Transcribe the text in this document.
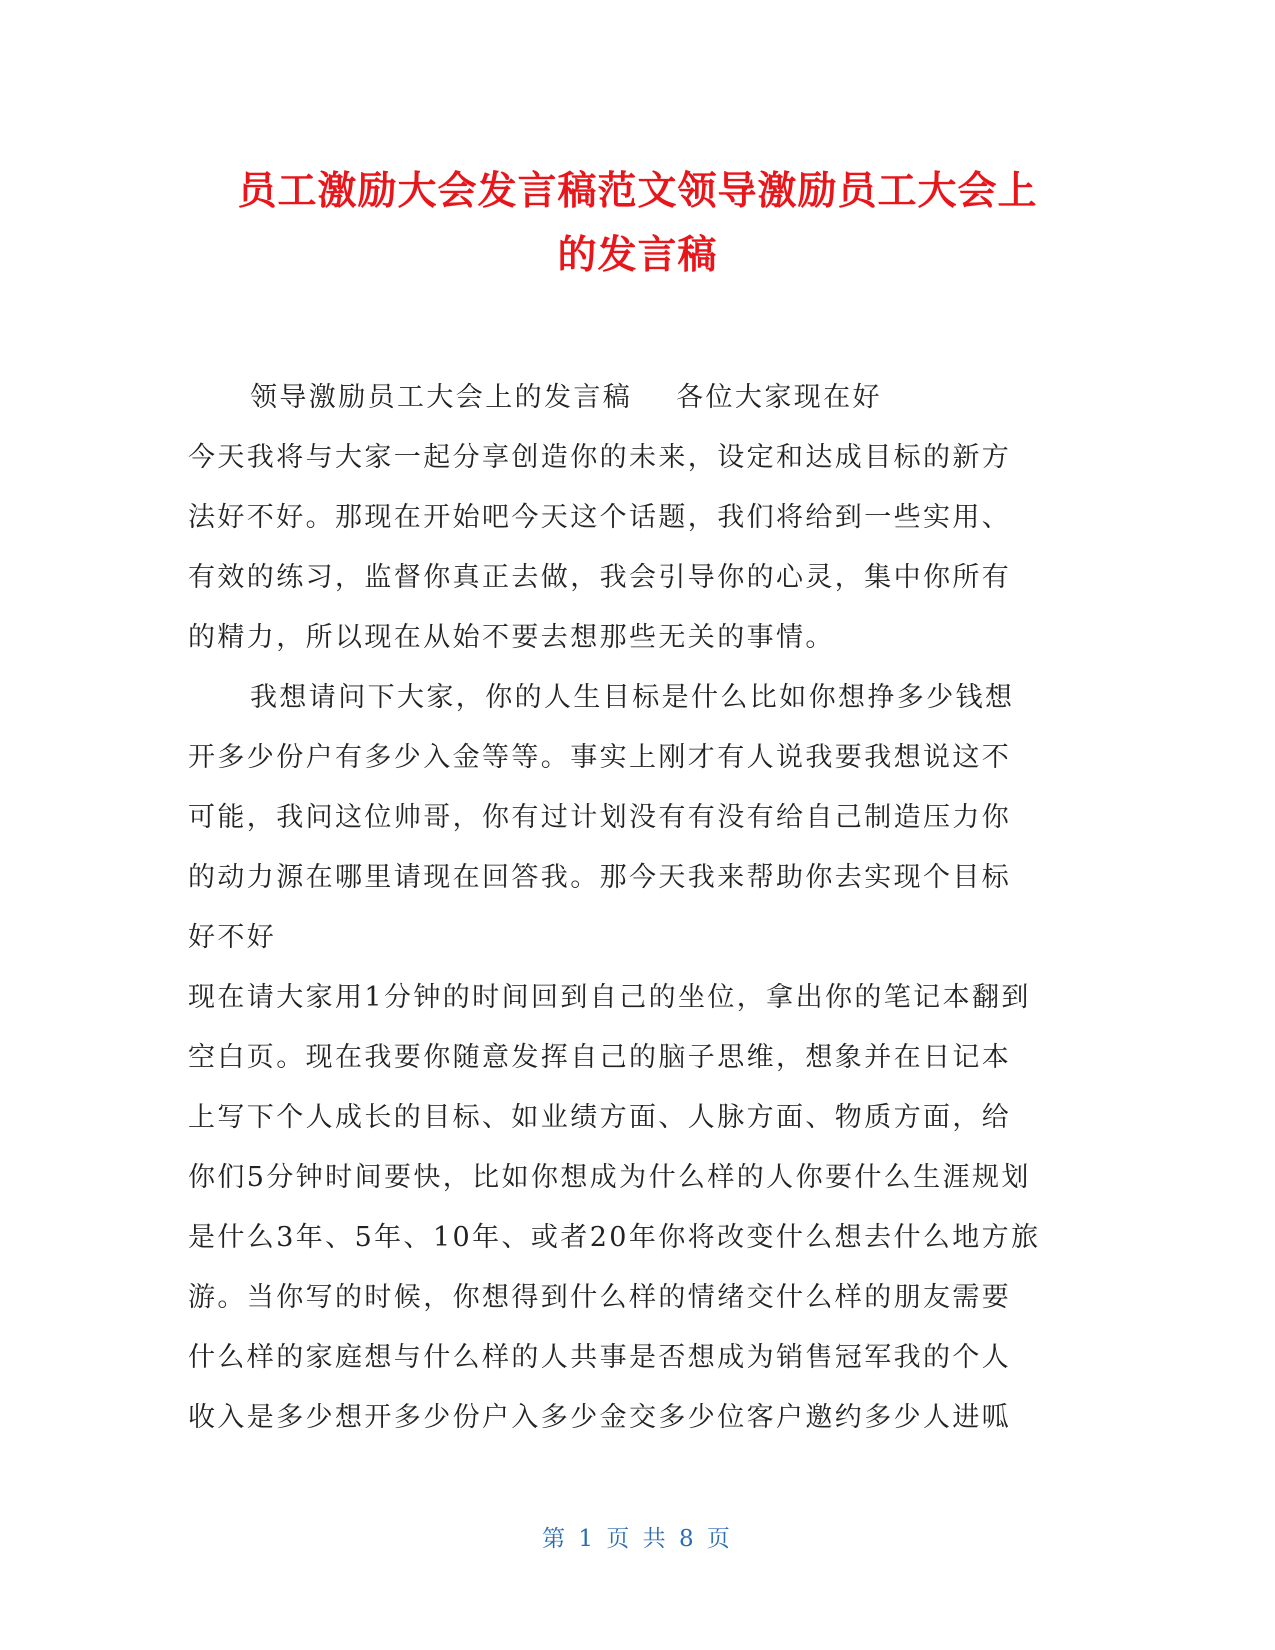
员工激励大会发言稿范文领导激励员工大会上
的发言稿
领导激励员工大会上的发言稿    各位大家现在好
今天我将与大家一起分享创造你的未来，设定和达成目标的新方
法好不好。那现在开始吧今天这个话题，我们将给到一些实用、
有效的练习，监督你真正去做，我会引导你的心灵，集中你所有
的精力，所以现在从始不要去想那些无关的事情。
我想请问下大家，你的人生目标是什么比如你想挣多少钱想
开多少份户有多少入金等等。事实上刚才有人说我要我想说这不
可能，我问这位帅哥，你有过计划没有有没有给自己制造压力你
的动力源在哪里请现在回答我。那今天我来帮助你去实现个目标
好不好
现在请大家用1分钟的时间回到自己的坐位，拿出你的笔记本翻到
空白页。现在我要你随意发挥自己的脑子思维，想象并在日记本
上写下个人成长的目标、如业绩方面、人脉方面、物质方面，给
你们5分钟时间要快，比如你想成为什么样的人你要什么生涯规划
是什么3年、5年、10年、或者20年你将改变什么想去什么地方旅
游。当你写的时候，你想得到什么样的情绪交什么样的朋友需要
什么样的家庭想与什么样的人共事是否想成为销售冠军我的个人
收入是多少想开多少份户入多少金交多少位客户邀约多少人进呱
第 1 页 共 8 页
